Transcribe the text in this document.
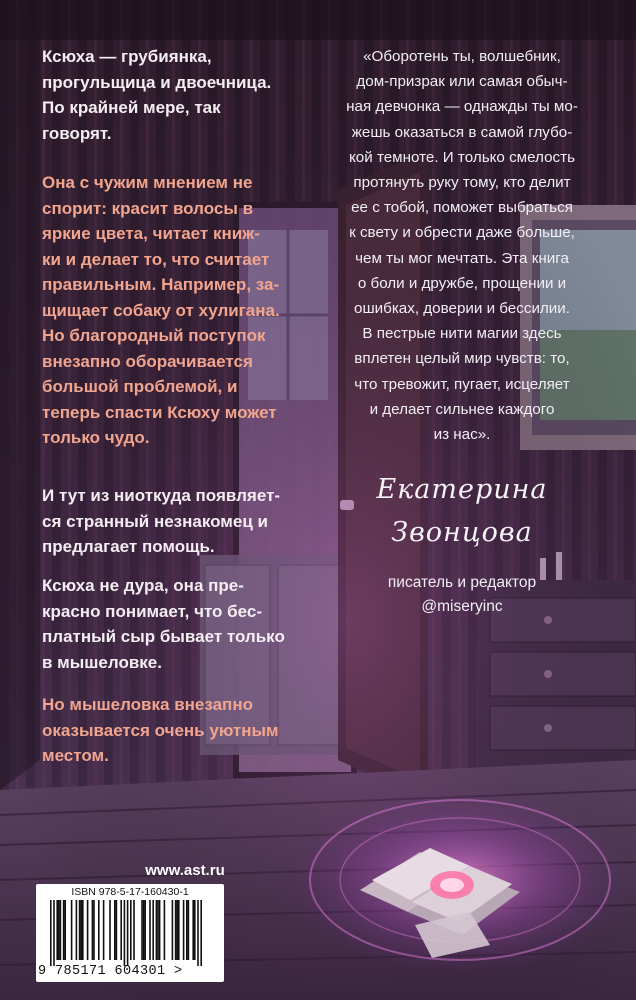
Ксюха — грубиянка,
прогульщица и двоечница.
По крайней мере, так
говорят.

Она с чужим мнением не
спорит: красит волосы в
яркие цвета, читает книж-
ки и делает то, что считает
правильным. Например, за-
щищает собаку от хулигана.
Но благородный поступок
внезапно оборачивается
большой проблемой, и
теперь спасти Ксюху может
только чудо.

И тут из ниоткуда появляет-
ся странный незнакомец и
предлагает помощь.

Ксюха не дура, она пре-
красно понимает, что бес-
платный сыр бывает только
в мышеловке.

Но мышеловка внезапно
оказывается очень уютным
местом.

«Оборотень ты, волшебник,
дом-призрак или самая обыч-
ная девчонка — однажды ты мо-
жешь оказаться в самой глубо-
кой темноте. И только смелость
протянуть руку тому, кто делит
ее с тобой, поможет выбраться
к свету и обрести даже больше,
чем ты мог мечтать. Эта книга
о боли и дружбе, прощении и
ошибках, доверии и бессилии.
В пестрые нити магии здесь
вплетен целый мир чувств: то,
что тревожит, пугает, исцеляет
и делает сильнее каждого
из нас».

Екатерина
Звонцова
писатель и редактор
@miseryinc
www.ast.ru
ISBN 978-5-17-160430-1
9 785171 604301 >
